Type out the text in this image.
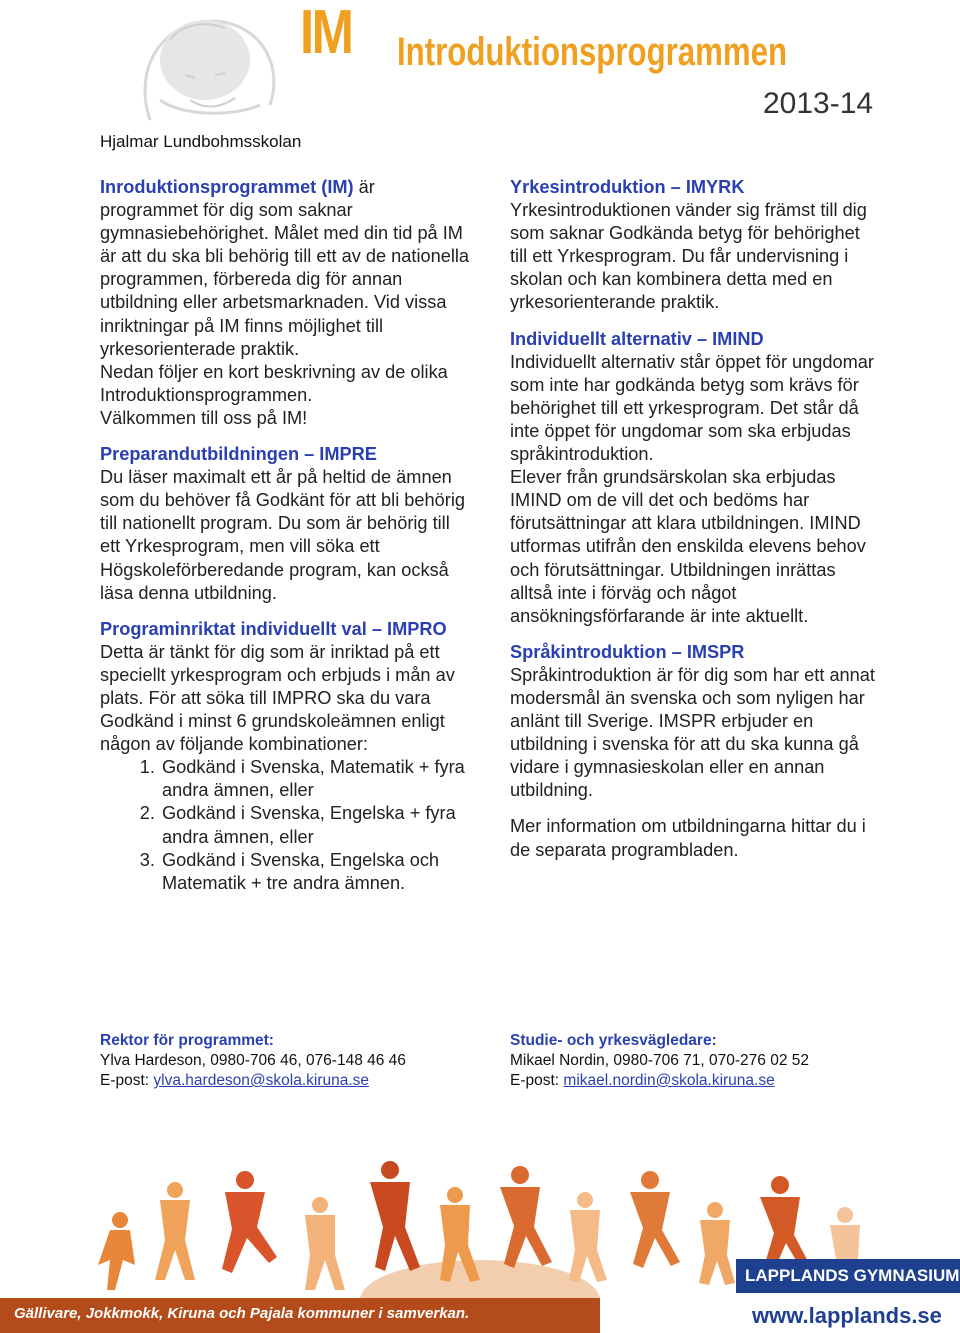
IM Introduktionsprogrammen
2013-14
Hjalmar Lundbohmsskolan

Inroduktionsprogrammet (IM) är programmet för dig som saknar gymnasiebehörighet. Målet med din tid på IM är att du ska bli behörig till ett av de nationella programmen, förbereda dig för annan utbildning eller arbetsmarknaden. Vid vissa inriktningar på IM finns möjlighet till yrkesorienterade praktik.

Nedan följer en kort beskrivning av de olika Introduktionsprogrammen.

Välkommen till oss på IM!

Preparandutbildningen – IMPRE

Du läser maximalt ett år på heltid de ämnen som du behöver få Godkänt för att bli behörig till nationellt program. Du som är behörig till ett Yrkesprogram, men vill söka ett Högskoleförberedande program, kan också läsa denna utbildning.

Programinriktat individuellt val – IMPRO

Detta är tänkt för dig som är inriktad på ett speciellt yrkesprogram och erbjuds i mån av plats. För att söka till IMPRO ska du vara Godkänd i minst 6 grundskoleämnen enligt någon av följande kombinationer:

1. Godkänd i Svenska, Matematik + fyra andra ämnen, eller
2. Godkänd i Svenska, Engelska + fyra andra ämnen, eller
3. Godkänd i Svenska, Engelska och Matematik + tre andra ämnen.

Yrkesintroduktion – IMYRK

Yrkesintroduktionen vänder sig främst till dig som saknar Godkända betyg för behörighet till ett Yrkesprogram. Du får undervisning i skolan och kan kombinera detta med en yrkesorienterande praktik.

Individuellt alternativ – IMIND

Individuellt alternativ står öppet för ungdomar som inte har godkända betyg som krävs för behörighet till ett yrkesprogram. Det står då inte öppet för ungdomar som ska erbjudas språkintroduktion.

Elever från grundsärskolan ska erbjudas IMIND om de vill det och bedöms har förutsättningar att klara utbildningen. IMIND utformas utifrån den enskilda elevens behov och förutsättningar. Utbildningen inrättas alltså inte i förväg och något ansökningsförfarande är inte aktuellt.

Språkintroduktion – IMSPR

Språkintroduktion är för dig som har ett annat modersmål än svenska och som nyligen har anlänt till Sverige. IMSPR erbjuder en utbildning i svenska för att du ska kunna gå vidare i gymnasieskolan eller en annan utbildning.

Mer information om utbildningarna hittar du i de separata programbladen.

Rektor för programmet:
Ylva Hardeson, 0980-706 46, 076-148 46 46
E-post: ylva.hardeson@skola.kiruna.se
Studie- och yrkesvägledare:
Mikael Nordin, 0980-706 71, 070-276 02 52
E-post: mikael.nordin@skola.kiruna.se
LAPPLANDS GYMNASIUM
Gällivare, Jokkmokk, Kiruna och Pajala kommuner i samverkan.	www.lapplands.se
